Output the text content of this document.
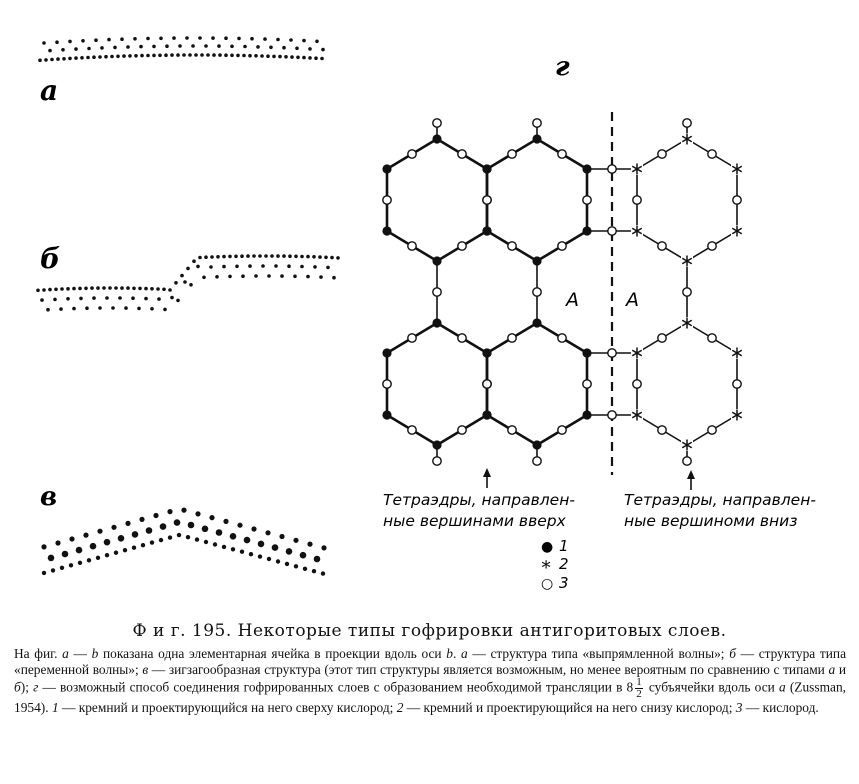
а
б
в
г
A A
Тетраэдры, направлен-
ные вершинами вверх
Тетраэдры, направлен-
ные вершиноми вниз
● 1
∗ 2
○ 3

Ф и г. 195. Некоторые типы гофрировки антигоритовых слоев.

На фиг. а — b показана одна элементарная ячейка в проекции вдоль оси b. а — структура типа «выпрямленной волны»; б — структура типа «переменной волны»; в — зигзагообразная структура (этот тип структуры является возможным, но менее вероятным по сравнению с типами а и б); г — возможный способ соединения гофрированных слоев с образованием необходимой трансляции в $8 \frac{1}{2}$ субъячейки вдоль оси а (Zussman, 1954). 1 — кремний и проектирующийся на него сверху кислород; 2 — кремний и проектирующийся на него снизу кислород; 3 — кислород.
